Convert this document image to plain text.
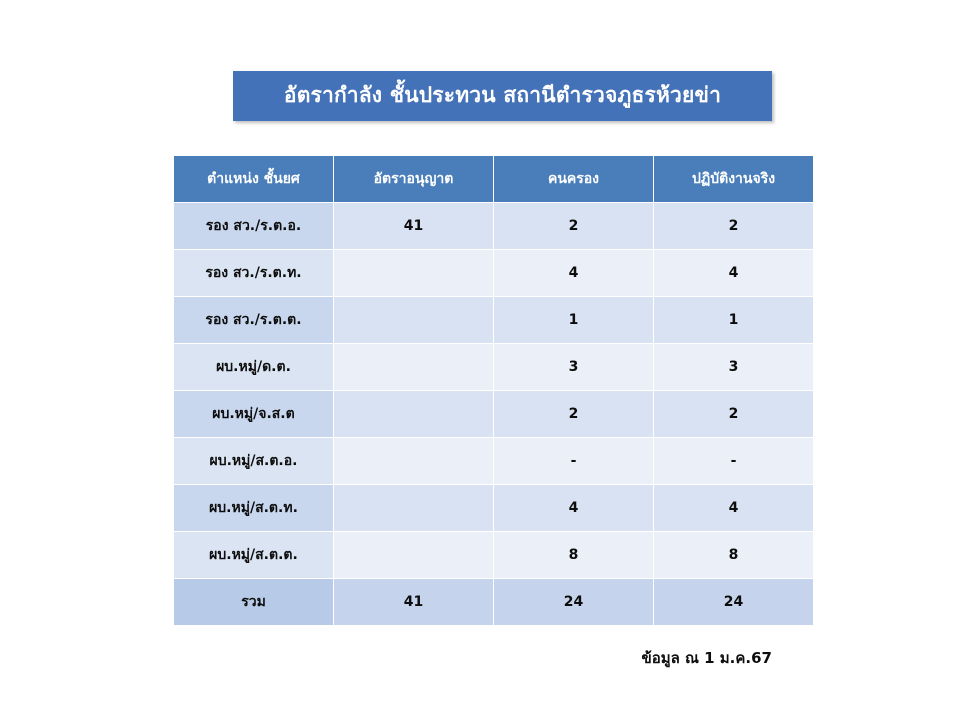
อัตรากำลัง ชั้นประทวน สถานีตำรวจภูธรห้วยข่า
ตำแหน่ง ชั้นยศ	อัตราอนุญาต	คนครอง	ปฏิบัติงานจริง
รอง สว./ร.ต.อ.	41	2	2
รอง สว./ร.ต.ท.		4	4
รอง สว./ร.ต.ต.		1	1
ผบ.หมู่/ด.ต.		3	3
ผบ.หมู่/จ.ส.ต		2	2
ผบ.หมู่/ส.ต.อ.		-	-
ผบ.หมู่/ส.ต.ท.		4	4
ผบ.หมู่/ส.ต.ต.		8	8
รวม	41	24	24
ข้อมูล ณ 1 ม.ค.67
